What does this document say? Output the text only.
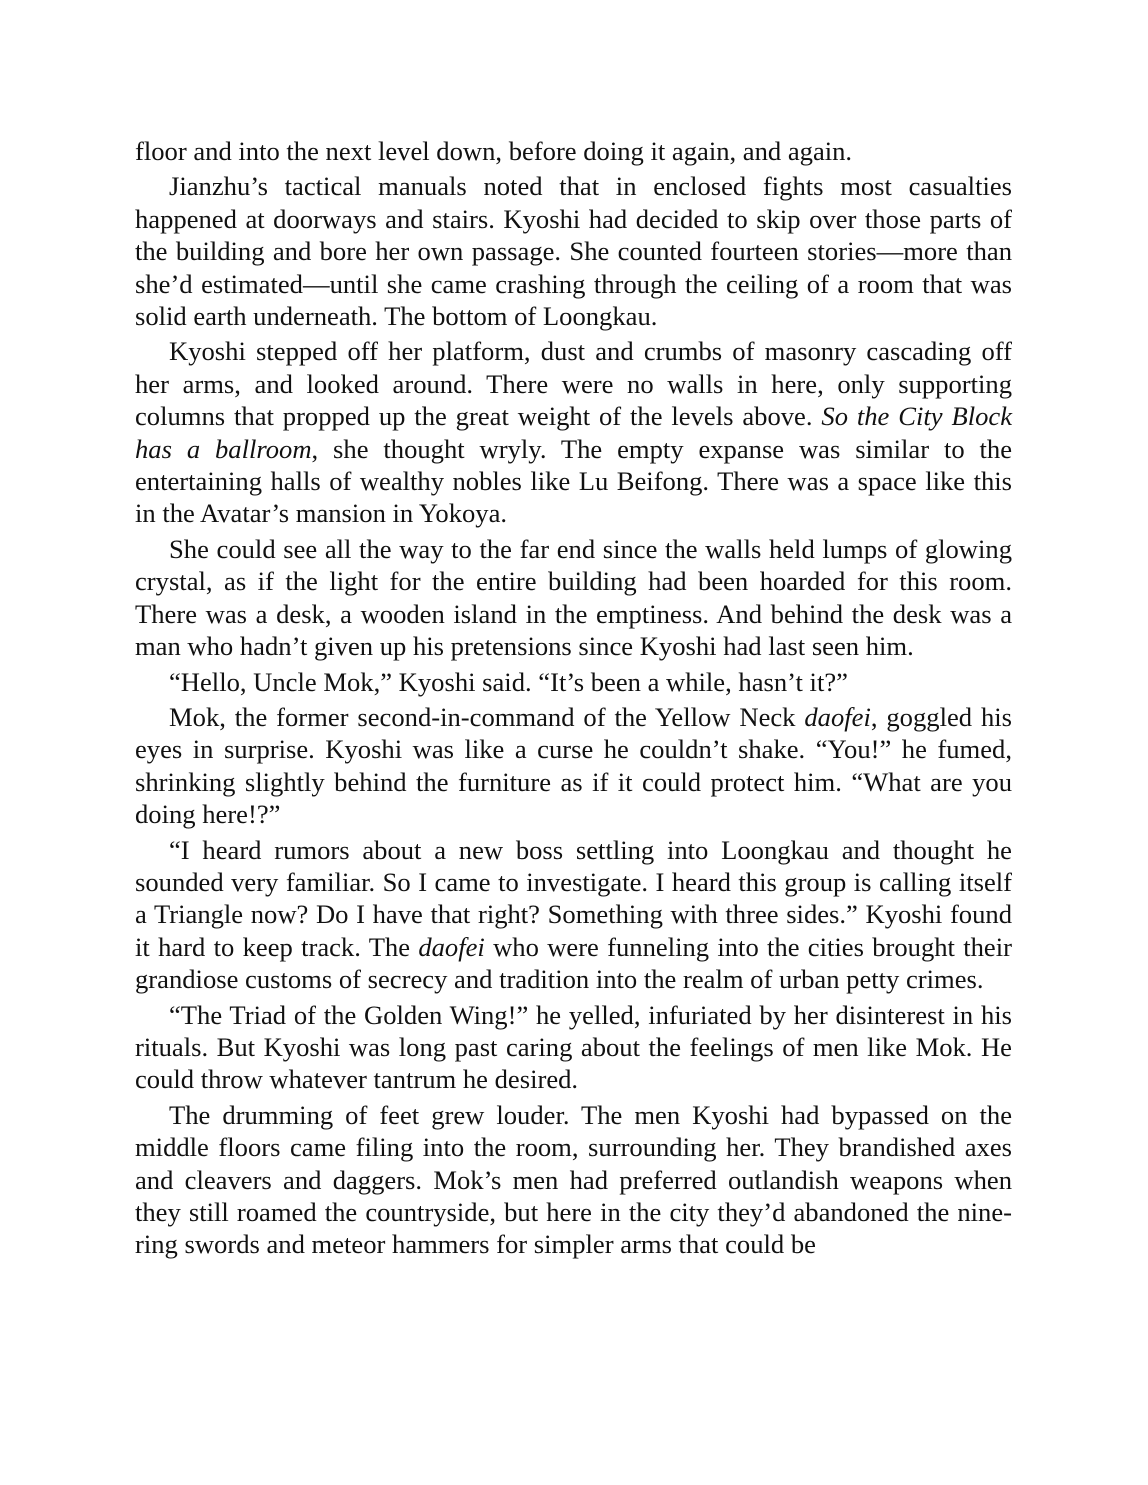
floor and into the next level down, before doing it again, and again.

Jianzhu’s tactical manuals noted that in enclosed fights most casualties happened at doorways and stairs. Kyoshi had decided to skip over those parts of the building and bore her own passage. She counted fourteen stories—more than she’d estimated—until she came crashing through the ceiling of a room that was solid earth underneath. The bottom of Loongkau.

Kyoshi stepped off her platform, dust and crumbs of masonry cascading off her arms, and looked around. There were no walls in here, only supporting columns that propped up the great weight of the levels above. So the City Block has a ballroom, she thought wryly. The empty expanse was similar to the entertaining halls of wealthy nobles like Lu Beifong. There was a space like this in the Avatar’s mansion in Yokoya.

She could see all the way to the far end since the walls held lumps of glowing crystal, as if the light for the entire building had been hoarded for this room. There was a desk, a wooden island in the emptiness. And behind the desk was a man who hadn’t given up his pretensions since Kyoshi had last seen him.

“Hello, Uncle Mok,” Kyoshi said. “It’s been a while, hasn’t it?”

Mok, the former second-in-command of the Yellow Neck daofei, goggled his eyes in surprise. Kyoshi was like a curse he couldn’t shake. “You!” he fumed, shrinking slightly behind the furniture as if it could protect him. “What are you doing here!?”

“I heard rumors about a new boss settling into Loongkau and thought he sounded very familiar. So I came to investigate. I heard this group is calling itself a Triangle now? Do I have that right? Something with three sides.” Kyoshi found it hard to keep track. The daofei who were funneling into the cities brought their grandiose customs of secrecy and tradition into the realm of urban petty crimes.

“The Triad of the Golden Wing!” he yelled, infuriated by her disinterest in his rituals. But Kyoshi was long past caring about the feelings of men like Mok. He could throw whatever tantrum he desired.

The drumming of feet grew louder. The men Kyoshi had bypassed on the middle floors came filing into the room, surrounding her. They brandished axes and cleavers and daggers. Mok’s men had preferred outlandish weapons when they still roamed the countryside, but here in the city they’d abandoned the nine-ring swords and meteor hammers for simpler arms that could be
